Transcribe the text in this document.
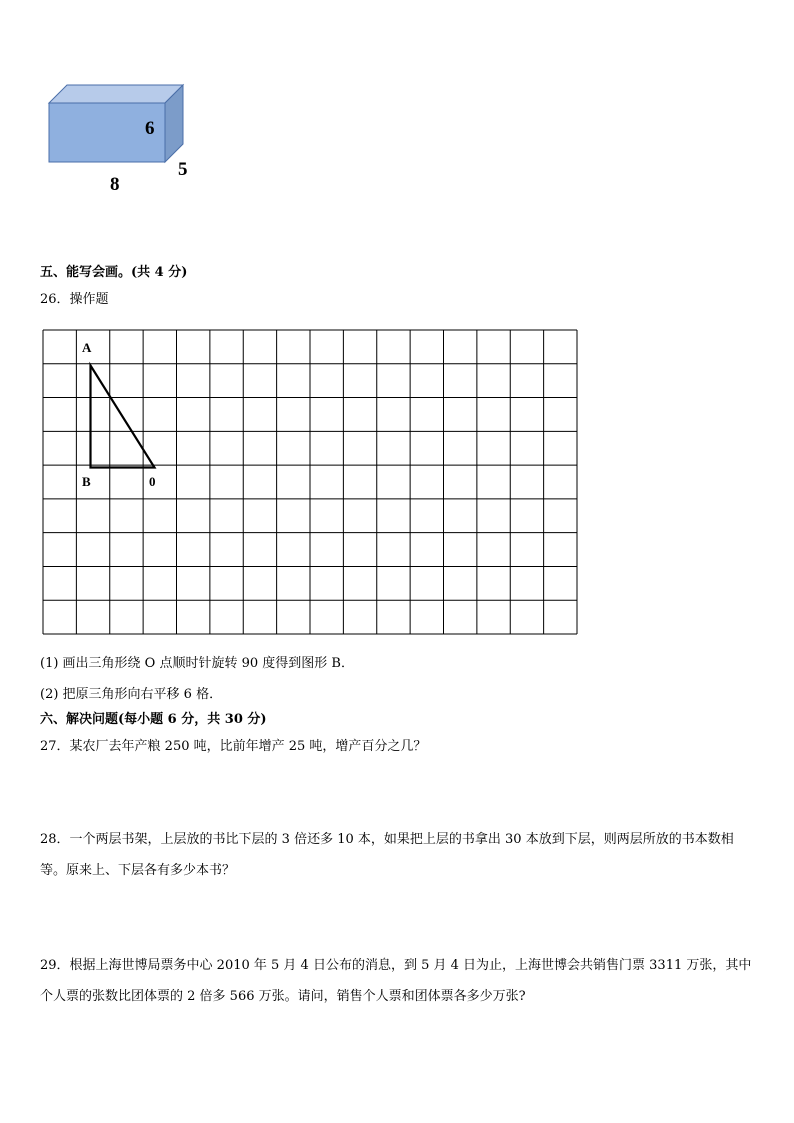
6
5
8
五、能写会画。(共 4 分)
26．操作题
A
B	0
(1) 画出三角形绕 O 点顺时针旋转 90 度得到图形 B．
(2) 把原三角形向右平移 6 格．
六、解决问题(每小题 6 分，共 30 分)
27．某农厂去年产粮 250 吨，比前年增产 25 吨，增产百分之几？
28．一个两层书架，上层放的书比下层的 3 倍还多 10 本，如果把上层的书拿出 30 本放到下层，则两层所放的书本数相等。原来上、下层各有多少本书？
29．根据上海世博局票务中心 2010 年 5 月 4 日公布的消息，到 5 月 4 日为止，上海世博会共销售门票 3311 万张，其中个人票的张数比团体票的 2 倍多 566 万张。请问，销售个人票和团体票各多少万张?
